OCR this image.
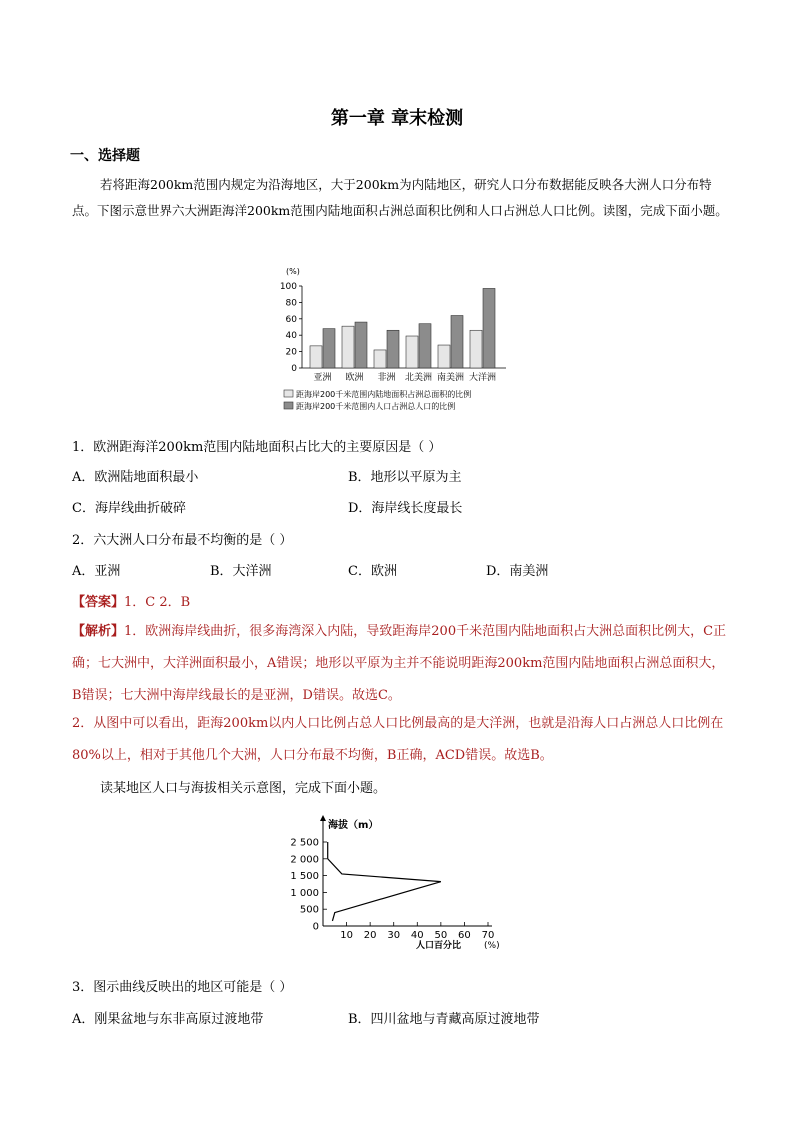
第一章 章末检测
一、选择题
若将距海200km范围内规定为沿海地区，大于200km为内陆地区，研究人口分布数据能反映各大洲人口分布特点。下图示意世界六大洲距海洋200km范围内陆地面积占洲总面积比例和人口占洲总人口比例。读图，完成下面小题。
(%)
100
80
60
40
20
0
亚洲 欧洲 非洲 北美洲 南美洲 大洋洲
距海岸200千米范围内陆地面积占洲总面积的比例
距海岸200千米范围内人口占洲总人口的比例
1．欧洲距海洋200km范围内陆地面积占比大的主要原因是（ ）
A．欧洲陆地面积最小	B．地形以平原为主
C．海岸线曲折破碎	D．海岸线长度最长
2．六大洲人口分布最不均衡的是（ ）
A．亚洲	B．大洋洲	C．欧洲	D．南美洲
【答案】1．C 2．B
【解析】1．欧洲海岸线曲折，很多海湾深入内陆，导致距海岸200千米范围内陆地面积占大洲总面积比例大，C正确；七大洲中，大洋洲面积最小，A错误；地形以平原为主并不能说明距海200km范围内陆地面积占洲总面积大，B错误；七大洲中海岸线最长的是亚洲，D错误。故选C。
2．从图中可以看出，距海200km以内人口比例占总人口比例最高的是大洋洲，也就是沿海人口占洲总人口比例在80%以上，相对于其他几个大洲，人口分布最不均衡，B正确，ACD错误。故选B。
读某地区人口与海拔相关示意图，完成下面小题。
海拔（m）
2 500
2 000
1 500
1 000
500
0
10 20 30 40 50 60 70
人口百分比	(%)
3．图示曲线反映出的地区可能是（ ）
A．刚果盆地与东非高原过渡地带	B．四川盆地与青藏高原过渡地带
